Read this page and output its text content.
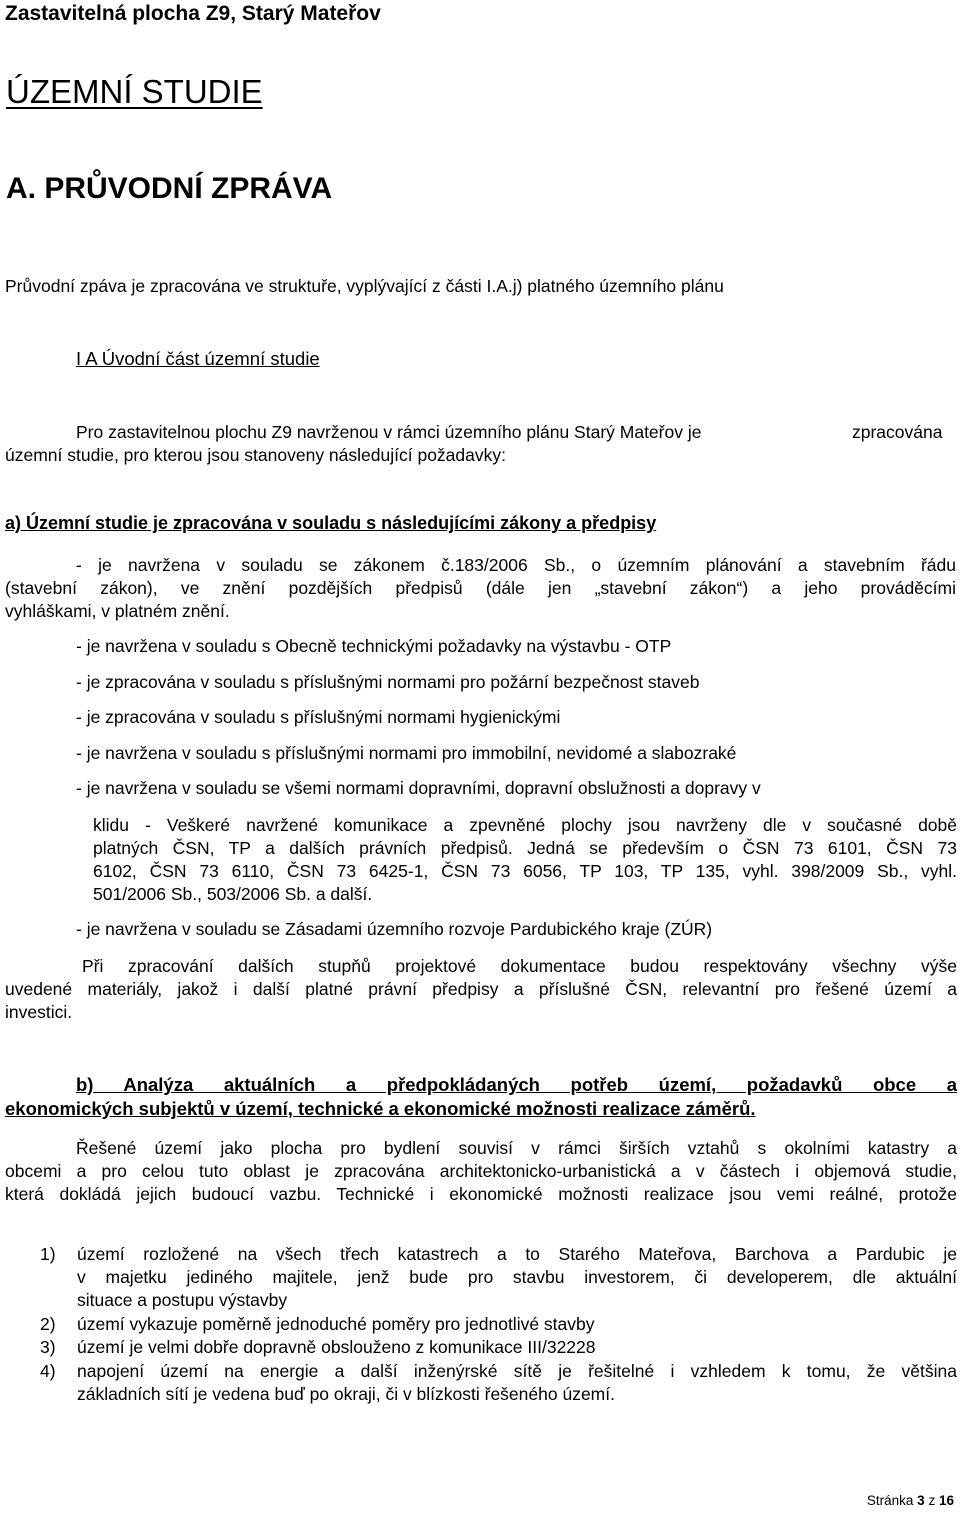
Zastavitelná plocha Z9, Starý Mateřov
ÚZEMNÍ STUDIE
A. PRŮVODNÍ ZPRÁVA
Průvodní zpáva je zpracována ve struktuře, vyplývající z části I.A.j) platného územního plánu
I A Úvodní část územní studie
Pro zastavitelnou plochu Z9 navrženou v rámci územního plánu Starý Mateřov je	zpracována
územní studie, pro kterou jsou stanoveny následující požadavky:
a) Územní studie je zpracována v souladu s následujícími zákony a předpisy
- je navržena v souladu se zákonem č.183/2006 Sb., o územním plánování a stavebním řádu
(stavební zákon), ve znění pozdějších předpisů (dále jen „stavební zákon“) a jeho prováděcími
vyhláškami, v platném znění.
- je navržena v souladu s Obecně technickými požadavky na výstavbu - OTP
- je zpracována v souladu s příslušnými normami pro požární bezpečnost staveb
- je zpracována v souladu s příslušnými normami hygienickými
- je navržena v souladu s příslušnými normami pro immobilní, nevidomé a slabozraké
- je navržena v souladu se všemi normami dopravními, dopravní obslužnosti a dopravy v
klidu - Veškeré navržené komunikace a zpevněné plochy jsou navrženy dle v současné době
platných ČSN, TP a dalších právních předpisů. Jedná se především o ČSN 73 6101, ČSN 73
6102, ČSN 73 6110, ČSN 73 6425-1, ČSN 73 6056, TP 103, TP 135, vyhl. 398/2009 Sb., vyhl.
501/2006 Sb., 503/2006 Sb. a další.
- je navržena v souladu se Zásadami územního rozvoje Pardubického kraje (ZÚR)
Při zpracování dalších stupňů projektové dokumentace budou respektovány všechny výše
uvedené materiály, jakož i další platné právní předpisy a příslušné ČSN, relevantní pro řešené území a
investici.
b) Analýza aktuálních a předpokládaných potřeb území, požadavků obce a
ekonomických subjektů v území, technické a ekonomické možnosti realizace záměrů.
Řešené území jako plocha pro bydlení souvisí v rámci širších vztahů s okolními katastry a
obcemi a pro celou tuto oblast je zpracována architektonicko-urbanistická a v částech i objemová studie,
která dokládá jejich budoucí vazbu. Technické i ekonomické možnosti realizace jsou vemi reálné, protože
1) území rozložené na všech třech katastrech a to Starého Mateřova, Barchova a Pardubic je
v majetku jediného majitele, jenž bude pro stavbu investorem, či developerem, dle aktuální
situace a postupu výstavby
2) území vykazuje poměrně jednoduché poměry pro jednotlivé stavby
3) území je velmi dobře dopravně obslouženo z komunikace III/32228
4) napojení území na energie a další inženýrské sítě je řešitelné i vzhledem k tomu, že většina
základních sítí je vedena buď po okraji, či v blízkosti řešeného území.
Stránka 3 z 16
